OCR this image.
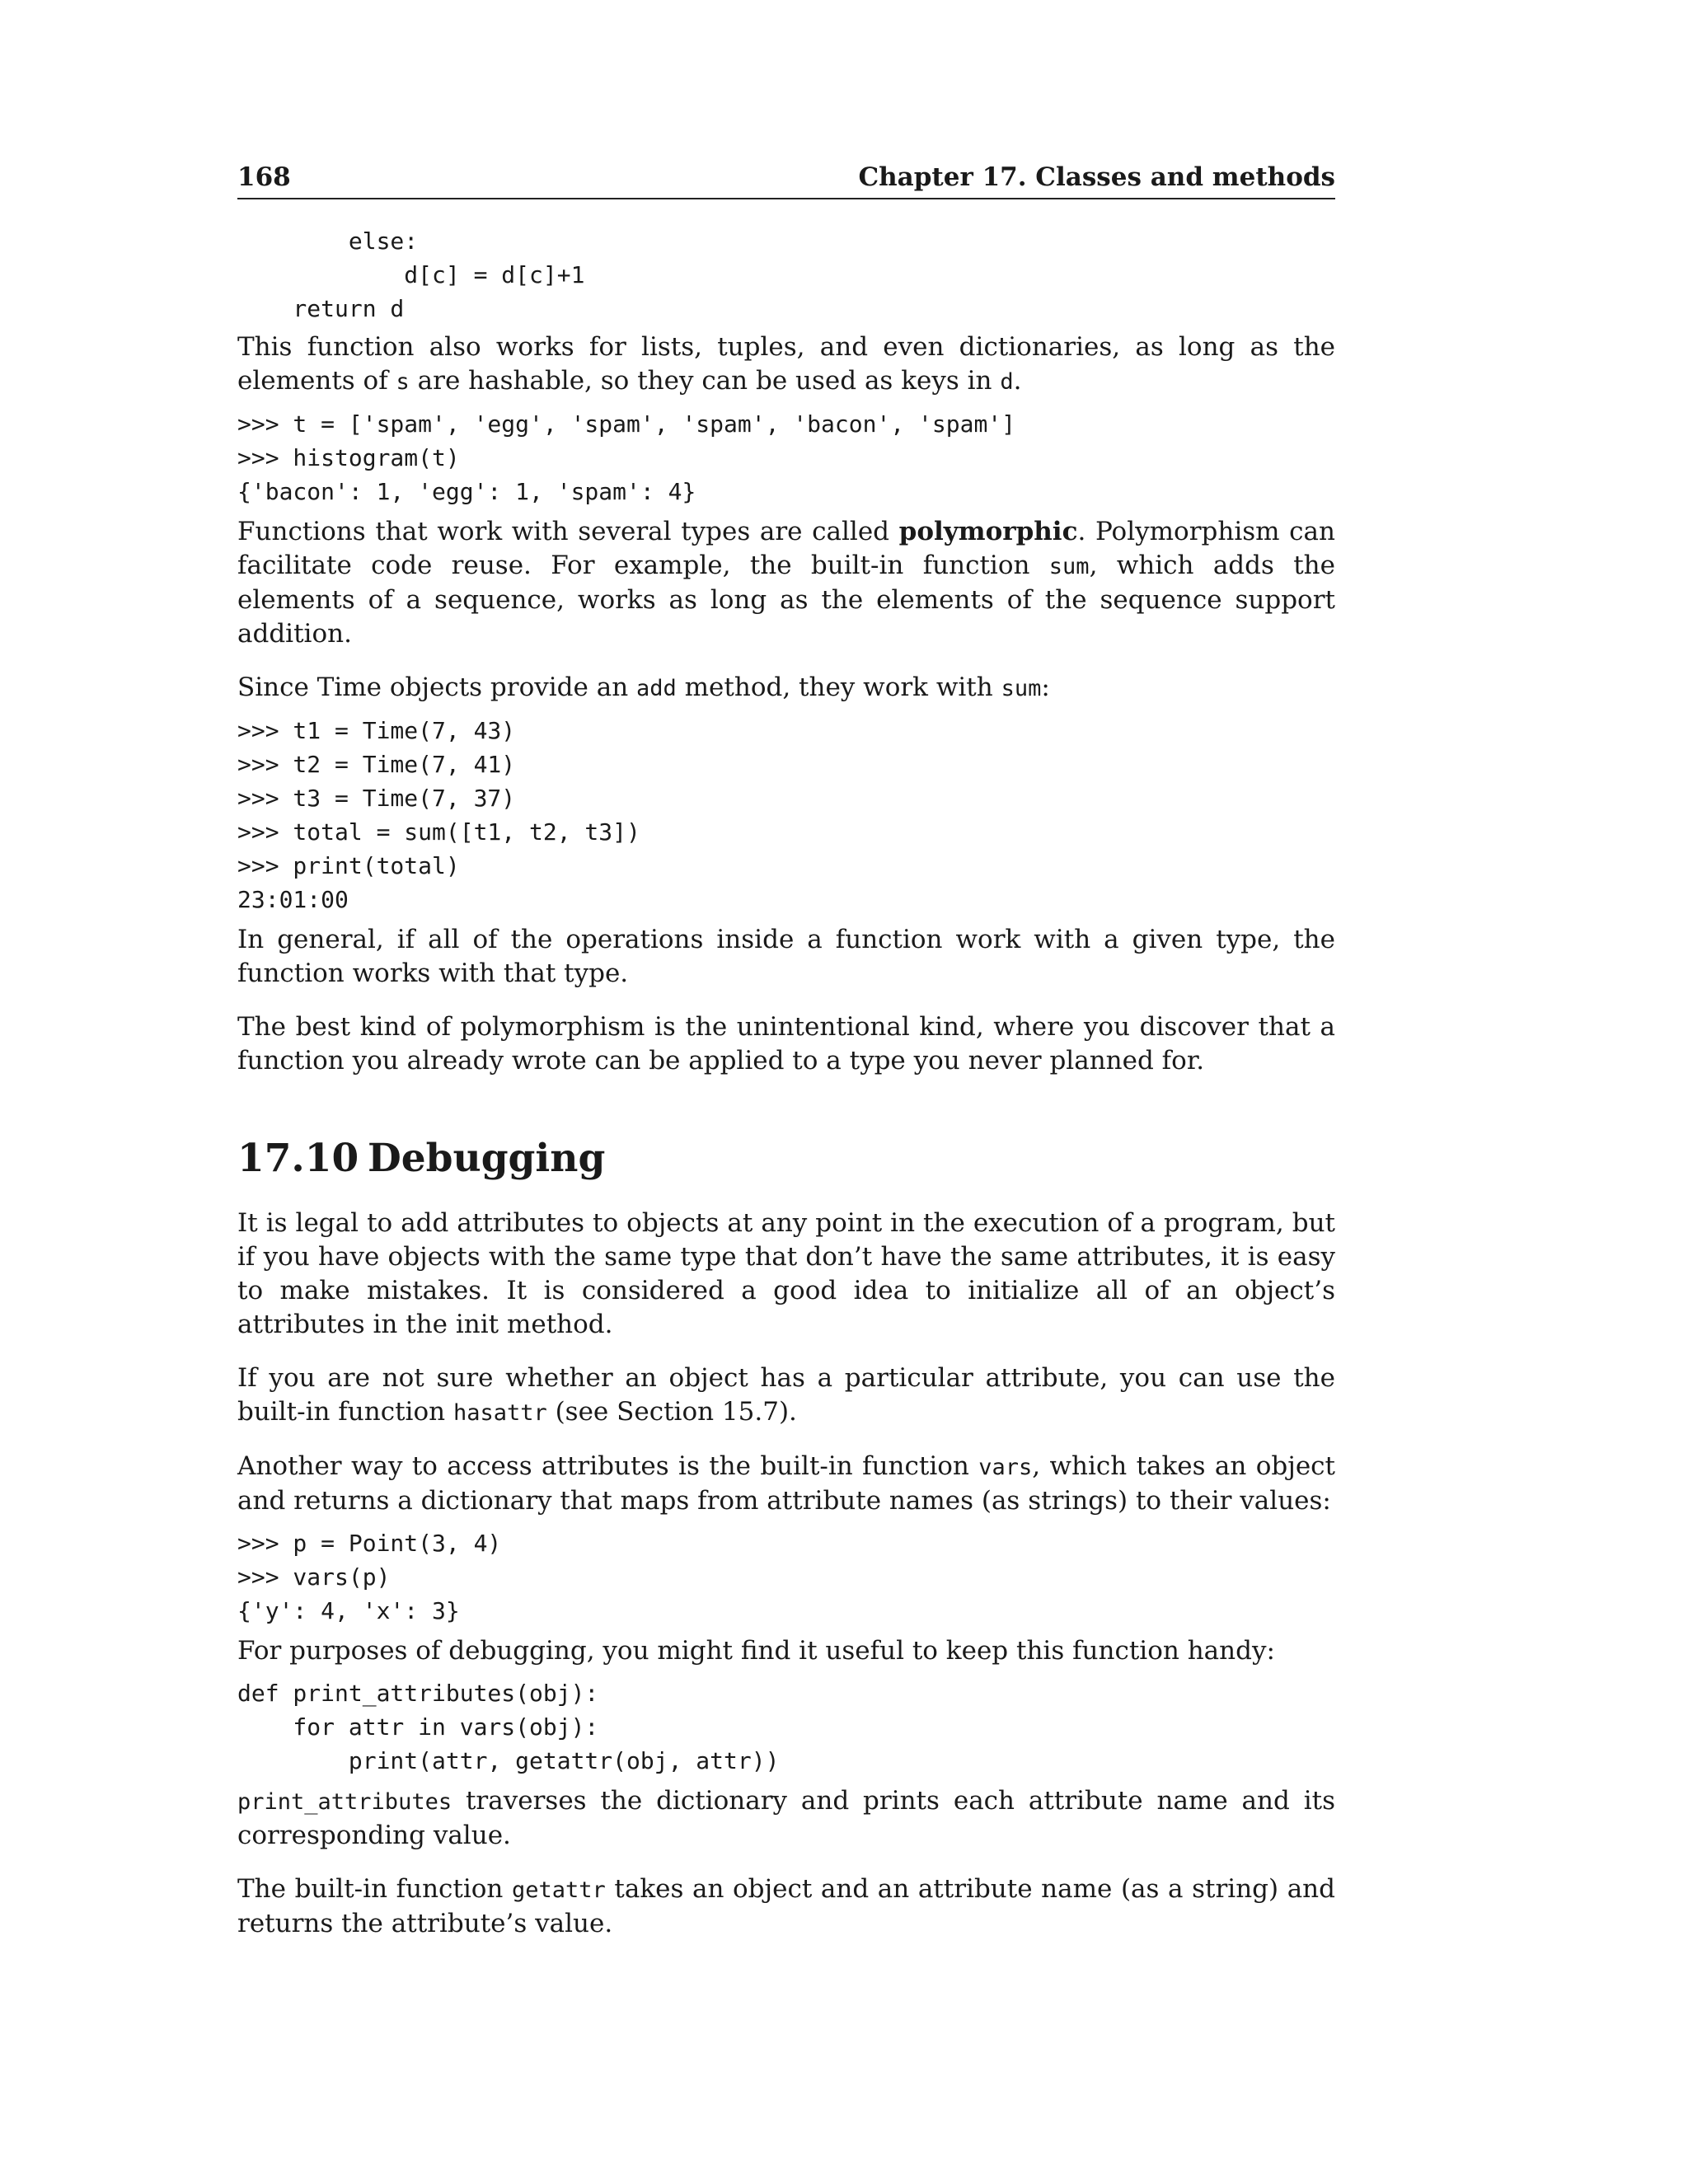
168	Chapter 17. Classes and methods
else:
d[c] = d[c]+1
return d

This function also works for lists, tuples, and even dictionaries, as long as the elements of s are hashable, so they can be used as keys in d.

>>> t = ['spam', 'egg', 'spam', 'spam', 'bacon', 'spam']
>>> histogram(t)
{'bacon': 1, 'egg': 1, 'spam': 4}

Functions that work with several types are called polymorphic. Polymorphism can facilitate code reuse. For example, the built-in function sum, which adds the elements of a sequence, works as long as the elements of the sequence support addition.

Since Time objects provide an add method, they work with sum:

>>> t1 = Time(7, 43)
>>> t2 = Time(7, 41)
>>> t3 = Time(7, 37)
>>> total = sum([t1, t2, t3])
>>> print(total)
23:01:00

In general, if all of the operations inside a function work with a given type, the function works with that type.

The best kind of polymorphism is the unintentional kind, where you discover that a function you already wrote can be applied to a type you never planned for.

17.10 Debugging

It is legal to add attributes to objects at any point in the execution of a program, but if you have objects with the same type that don’t have the same attributes, it is easy to make mistakes. It is considered a good idea to initialize all of an object’s attributes in the init method.

If you are not sure whether an object has a particular attribute, you can use the built-in function hasattr (see Section 15.7).

Another way to access attributes is the built-in function vars, which takes an object and returns a dictionary that maps from attribute names (as strings) to their values:

>>> p = Point(3, 4)
>>> vars(p)
{'y': 4, 'x': 3}

For purposes of debugging, you might find it useful to keep this function handy:

def print_attributes(obj):
for attr in vars(obj):
print(attr, getattr(obj, attr))

print_attributes traverses the dictionary and prints each attribute name and its corresponding value.

The built-in function getattr takes an object and an attribute name (as a string) and returns the attribute’s value.
